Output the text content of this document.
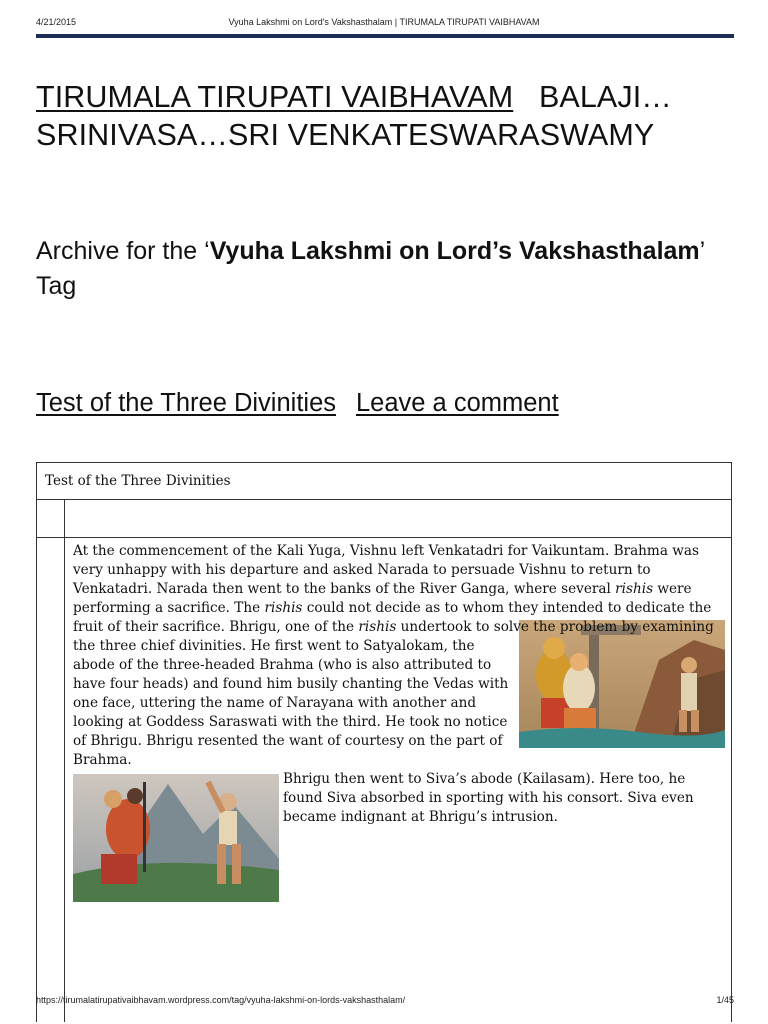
4/21/2015	Vyuha Lakshmi on Lord's Vakshasthalam | TIRUMALA TIRUPATI VAIBHAVAM
TIRUMALA TIRUPATI VAIBHAVAM BALAJI…SRINIVASA…SRI VENKATESWARASWAMY
Archive for the ‘Vyuha Lakshmi on Lord’s Vakshasthalam’ Tag
Test of the Three Divinities Leave a comment
Test of the Three Divinities

At the commencement of the Kali Yuga, Vishnu left Venkatadri for Vaikuntam. Brahma was very unhappy with his departure and asked Narada to persuade Vishnu to return to Venkatadri. Narada then went to the banks of the River Ganga, where several rishis were performing a sacrifice. The rishis could not decide as to whom they intended to dedicate the fruit of their sacrifice. Bhrigu, one of the rishis
undertook to solve the problem by examining the three chief divinities. He first went to Satyalokam, the abode of the three-headed Brahma (who is also attributed to have four heads) and found him busily chanting the Vedas with one face, uttering the name of Narayana with another and looking at Goddess Saraswati with the third. He took no notice of Bhrigu. Bhrigu resented the want of courtesy on the part of Brahma.

Bhrigu then went to Siva’s abode (Kailasam). Here too, he found Siva absorbed in sporting with his consort. Siva even became indignant at Bhrigu’s intrusion.

https://tirumalatirupativaibhavam.wordpress.com/tag/vyuha-lakshmi-on-lords-vakshasthalam/	1/45
